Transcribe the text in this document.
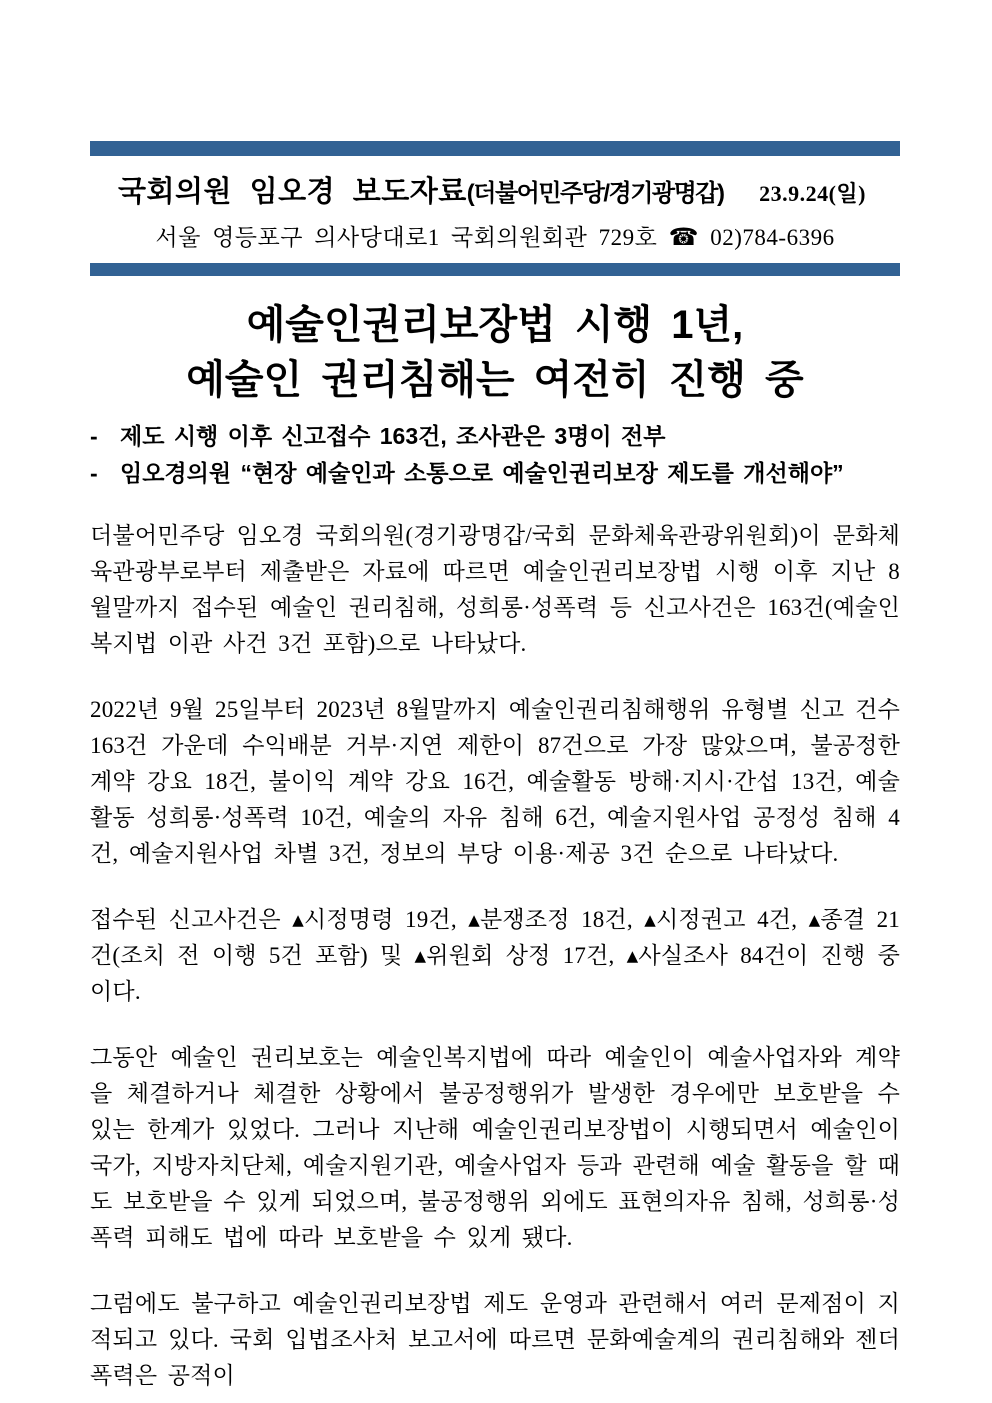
국회의원 임오경 보도자료 (더불어민주당/경기광명갑) 23.9.24(일)
서울 영등포구 의사당대로1 국회의원회관 729호 ☎ 02)784-6396
예술인권리보장법 시행 1년,
예술인 권리침해는 여전히 진행 중
- 제도 시행 이후 신고접수 163건, 조사관은 3명이 전부
- 임오경의원 “현장 예술인과 소통으로 예술인권리보장 제도를 개선해야”

더불어민주당 임오경 국회의원(경기광명갑/국회 문화체육관광위원회)이 문화체육관광부로부터 제출받은 자료에 따르면 예술인권리보장법 시행 이후 지난 8월말까지 접수된 예술인 권리침해, 성희롱·성폭력 등 신고사건은 163건(예술인 복지법 이관 사건 3건 포함)으로 나타났다.

2022년 9월 25일부터 2023년 8월말까지 예술인권리침해행위 유형별 신고 건수 163건 가운데 수익배분 거부·지연 제한이 87건으로 가장 많았으며, 불공정한 계약 강요 18건, 불이익 계약 강요 16건, 예술활동 방해·지시·간섭 13건, 예술활동 성희롱·성폭력 10건, 예술의 자유 침해 6건, 예술지원사업 공정성 침해 4건, 예술지원사업 차별 3건, 정보의 부당 이용·제공 3건 순으로 나타났다.

접수된 신고사건은 ▴시정명령 19건, ▴분쟁조정 18건, ▴시정권고 4건, ▴종결 21건(조치 전 이행 5건 포함) 및 ▴위원회 상정 17건, ▴사실조사 84건이 진행 중이다.

그동안 예술인 권리보호는 예술인복지법에 따라 예술인이 예술사업자와 계약을 체결하거나 체결한 상황에서 불공정행위가 발생한 경우에만 보호받을 수 있는 한계가 있었다. 그러나 지난해 예술인권리보장법이 시행되면서 예술인이 국가, 지방자치단체, 예술지원기관, 예술사업자 등과 관련해 예술 활동을 할 때도 보호받을 수 있게 되었으며, 불공정행위 외에도 표현의자유 침해, 성희롱·성폭력 피해도 법에 따라 보호받을 수 있게 됐다.

그럼에도 불구하고 예술인권리보장법 제도 운영과 관련해서 여러 문제점이 지적되고 있다. 국회 입법조사처 보고서에 따르면 문화예술계의 권리침해와 젠더폭력은 공적이
